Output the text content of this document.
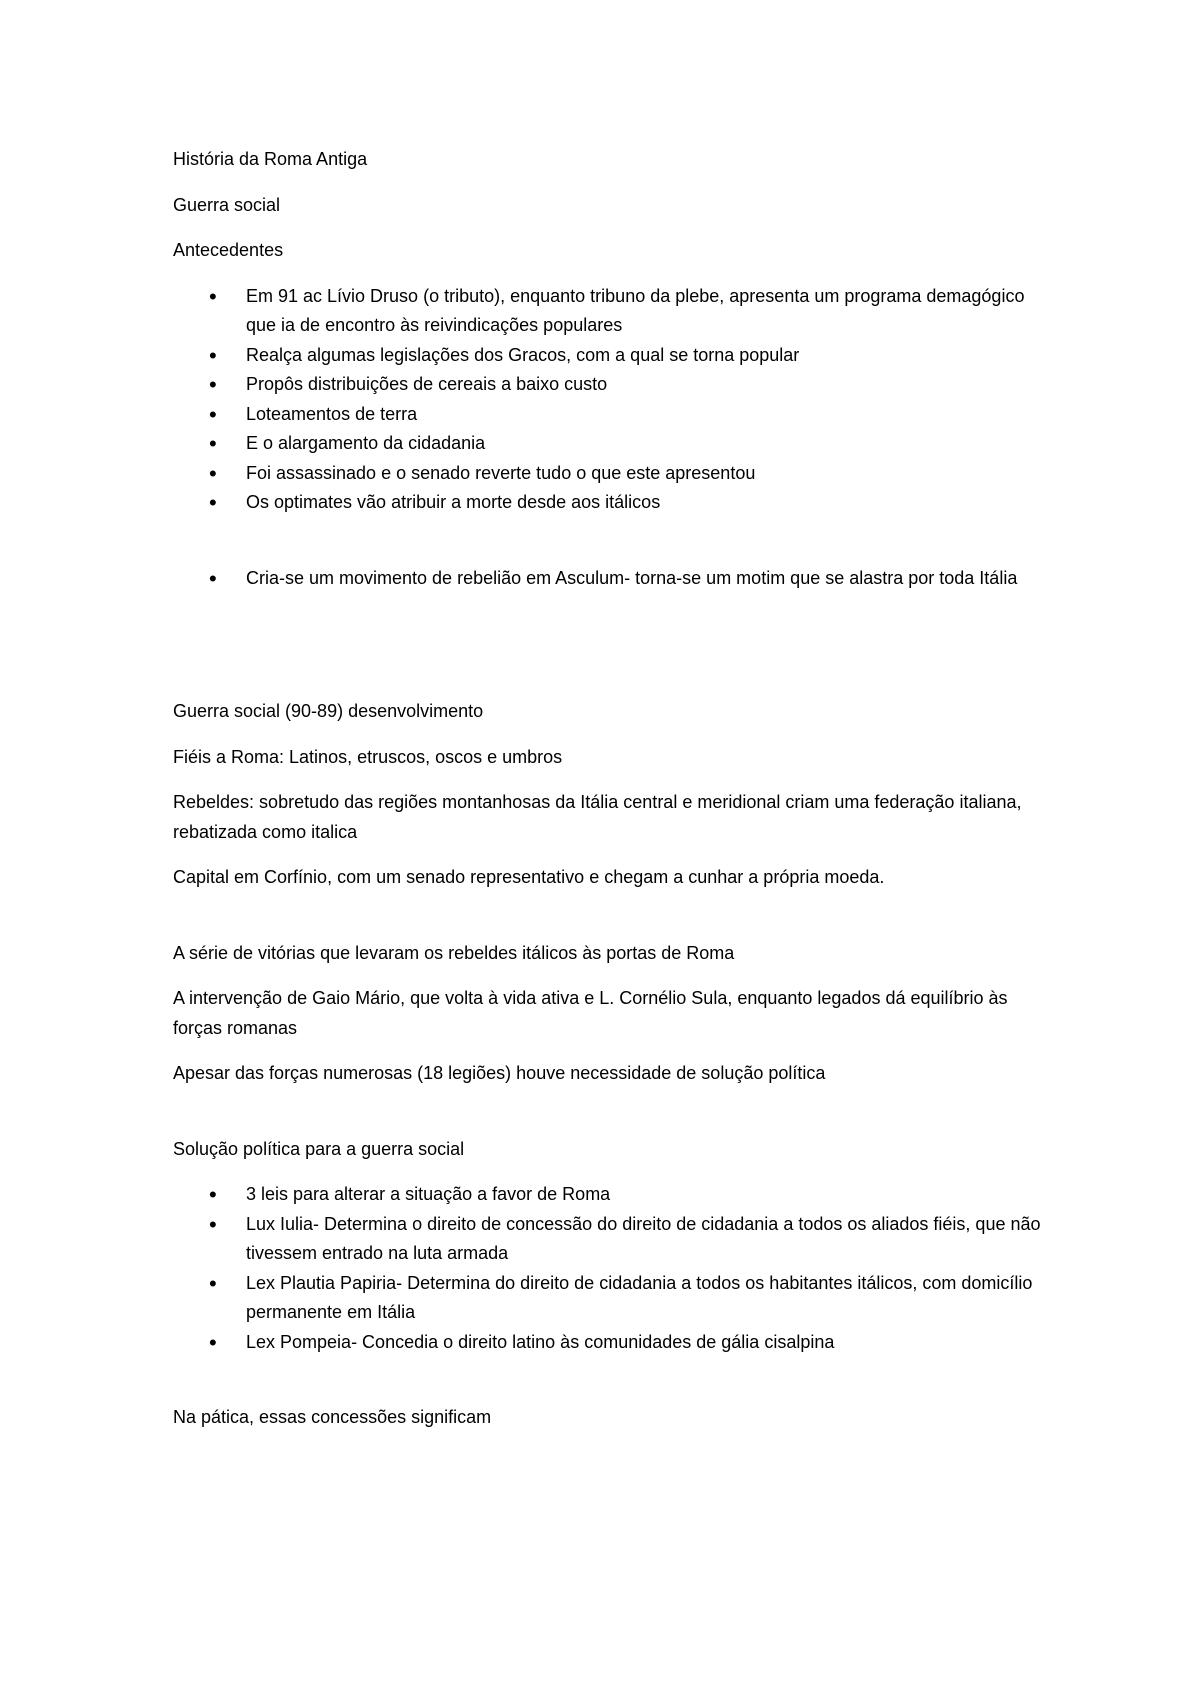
História da Roma Antiga

Guerra social

Antecedentes

• Em 91 ac Lívio Druso (o tributo), enquanto tribuno da plebe, apresenta um programa demagógico que ia de encontro às reivindicações populares
• Realça algumas legislações dos Gracos, com a qual se torna popular
• Propôs distribuições de cereais a baixo custo
• Loteamentos de terra
• E o alargamento da cidadania
• Foi assassinado e o senado reverte tudo o que este apresentou
• Os optimates vão atribuir a morte desde aos itálicos
• Cria-se um movimento de rebelião em Asculum- torna-se um motim que se alastra por toda Itália

Guerra social (90-89) desenvolvimento

Fiéis a Roma: Latinos, etruscos, oscos e umbros

Rebeldes: sobretudo das regiões montanhosas da Itália central e meridional criam uma federação italiana, rebatizada como italica

Capital em Corfínio, com um senado representativo e chegam a cunhar a própria moeda.

A série de vitórias que levaram os rebeldes itálicos às portas de Roma

A intervenção de Gaio Mário, que volta à vida ativa e L. Cornélio Sula, enquanto legados dá equilíbrio às forças romanas

Apesar das forças numerosas (18 legiões) houve necessidade de solução política

Solução política para a guerra social

• 3 leis para alterar a situação a favor de Roma
• Lux Iulia- Determina o direito de concessão do direito de cidadania a todos os aliados fiéis, que não tivessem entrado na luta armada
• Lex Plautia Papiria- Determina do direito de cidadania a todos os habitantes itálicos, com domicílio
permanente em Itália
• Lex Pompeia- Concedia o direito latino às comunidades de gália cisalpina

Na pática, essas concessões significam
